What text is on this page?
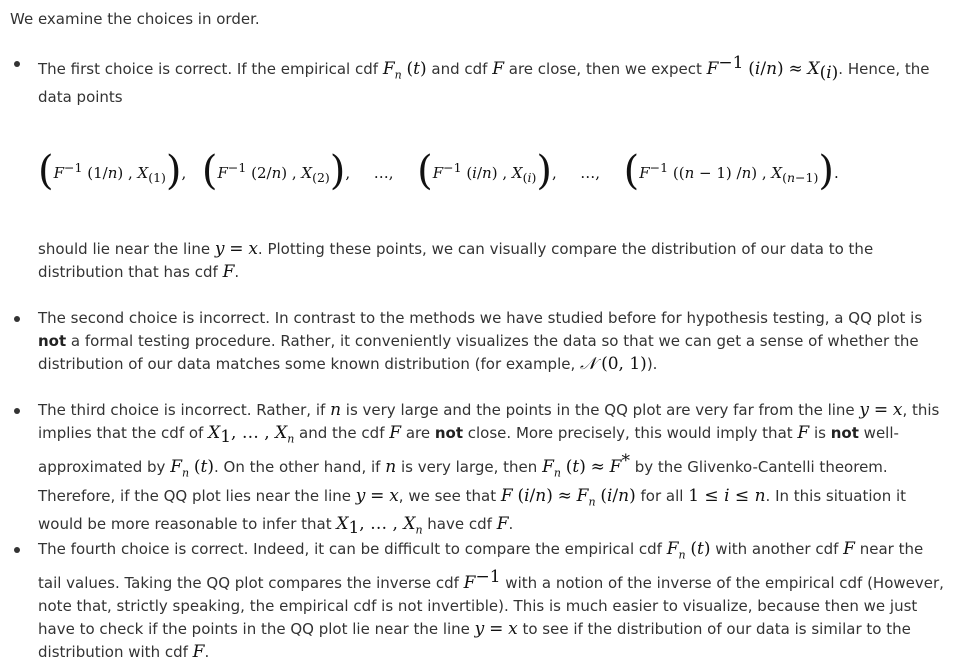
We examine the choices in order.
The first choice is correct. If the empirical cdf $F_n$ (t) and cdf F are close, then we expect $F^{-1}$ $(i/n) \approx X_{(i)}$. Hence, the data points
($F^{-1}$ (1/n) , $X_{(1)}$), ($F^{-1}$ (2/n) , $X_{(2)}$), …,  ($F^{-1}$ (i/n) , $X_{(i)}$), …,  ($F^{-1}$ ((n − 1) /n) , $X_{(n-1)}$).
should lie near the line y = x. Plotting these points, we can visually compare the distribution of our data to the distribution that has cdf F.
The second choice is incorrect. In contrast to the methods we have studied before for hypothesis testing, a QQ plot is not a formal testing procedure. Rather, it conveniently visualizes the data so that we can get a sense of whether the distribution of our data matches some known distribution (for example, 𝒩 (0, 1)).
The third choice is incorrect. Rather, if n is very large and the points in the QQ plot are very far from the line y = x, this implies that the cdf of $X_1$, … , $X_n$ and the cdf F are not close. More precisely, this would imply that F is not well-approximated by $F_n$ (t). On the other hand, if n is very large, then $F_n$ (t) ≈ F* by the Glivenko-Cantelli theorem. Therefore, if the QQ plot lies near the line y = x, we see that F $(i/n) \approx F_n$ (i/n) for all 1 ≤ i ≤ n. In this situation it would be more reasonable to infer that $X_1$, … , $X_n$ have cdf F.
The fourth choice is correct. Indeed, it can be difficult to compare the empirical cdf $F_n$ (t) with another cdf F near the tail values. Taking the QQ plot compares the inverse cdf $F^{-1}$ with a notion of the inverse of the empirical cdf (However, note that, strictly speaking, the empirical cdf is not invertible). This is much easier to visualize, because then we just have to check if the points in the QQ plot lie near the line y = x to see if the distribution of our data is similar to the distribution with cdf F.
